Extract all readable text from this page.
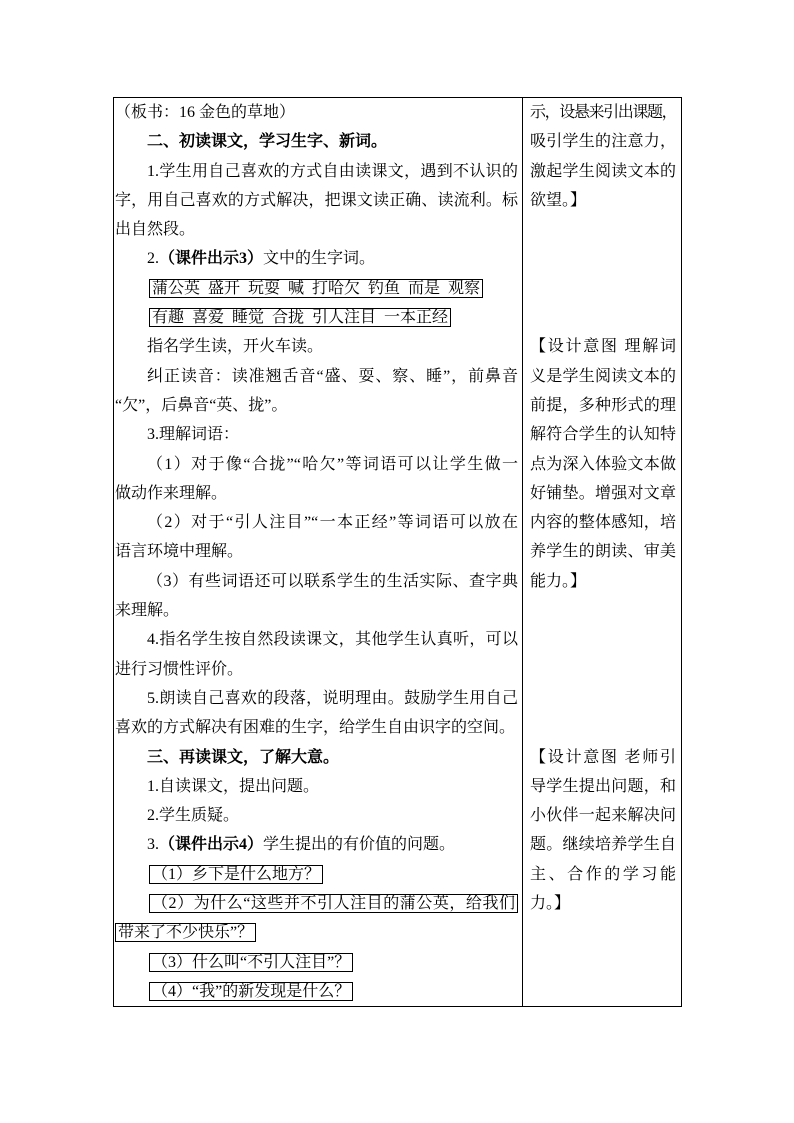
（板书：16 金色的草地）
二、初读课文，学习生字、新词。
1.学生用自己喜欢的方式自由读课文，遇到不认识的
字，用自己喜欢的方式解决，把课文读正确、读流利。标
出自然段。
2.（课件出示3）文中的生字词。
蒲公英 盛开 玩耍 喊 打哈欠 钓鱼 而是 观察
有趣 喜爱 睡觉 合拢 引人注目 一本正经
指名学生读，开火车读。
纠正读音：读准翘舌音“盛、耍、察、睡”，前鼻音
“欠”，后鼻音“英、拢”。
3.理解词语：
（1）对于像“合拢”“哈欠”等词语可以让学生做一
做动作来理解。
（2）对于“引人注目”“一本正经”等词语可以放在
语言环境中理解。
（3）有些词语还可以联系学生的生活实际、查字典
来理解。
4.指名学生按自然段读课文，其他学生认真听，可以
进行习惯性评价。
5.朗读自己喜欢的段落，说明理由。鼓励学生用自己
喜欢的方式解决有困难的生字，给学生自由识字的空间。
三、再读课文，了解大意。
1.自读课文，提出问题。
2.学生质疑。
3.（课件出示4）学生提出的有价值的问题。
（1）乡下是什么地方？
（2）为什么“这些并不引人注目的蒲公英，给我们
带来了不少快乐”？
（3）什么叫“不引人注目”？
（4）“我”的新发现是什么？
示，设悬来引出课题，
吸引学生的注意力，
激起学生阅读文本的
欲望。】
【设计意图 理解词
义是学生阅读文本的
前提，多种形式的理
解符合学生的认知特
点为深入体验文本做
好铺垫。增强对文章
内容的整体感知，培
养学生的朗读、审美
能力。】
【设计意图 老师引
导学生提出问题，和
小伙伴一起来解决问
题。继续培养学生自
主、合作的学习能
力。】
